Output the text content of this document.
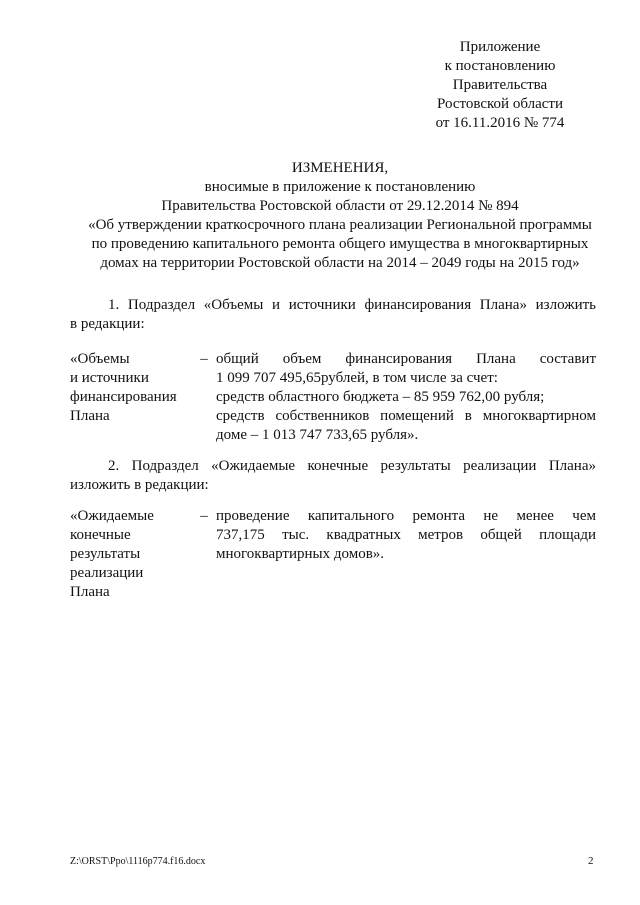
Приложение
к постановлению
Правительства
Ростовской области
от 16.11.2016 № 774
ИЗМЕНЕНИЯ,
вносимые в приложение к постановлению
Правительства Ростовской области от 29.12.2014 № 894
«Об утверждении краткосрочного плана реализации Региональной программы
по проведению капитального ремонта общего имущества в многоквартирных
домах на территории Ростовской области на 2014 – 2049 годы на 2015 год»
1. Подраздел «Объемы и источники финансирования Плана» изложить
в редакции:
«Объемы
и источники
финансирования
Плана
– общий объем финансирования Плана составит
1 099 707 495,65рублей, в том числе за счет:
средств областного бюджета – 85 959 762,00 рубля;
средств собственников помещений в многоквартирном
доме – 1 013 747 733,65 рубля».
2. Подраздел «Ожидаемые конечные результаты реализации Плана»
изложить в редакции:
«Ожидаемые
конечные
результаты
реализации
Плана
– проведение капитального ремонта не менее чем
737,175 тыс. квадратных метров общей площади
многоквартирных домов».
Z:\ORST\Ppo\1116p774.f16.docx	2
